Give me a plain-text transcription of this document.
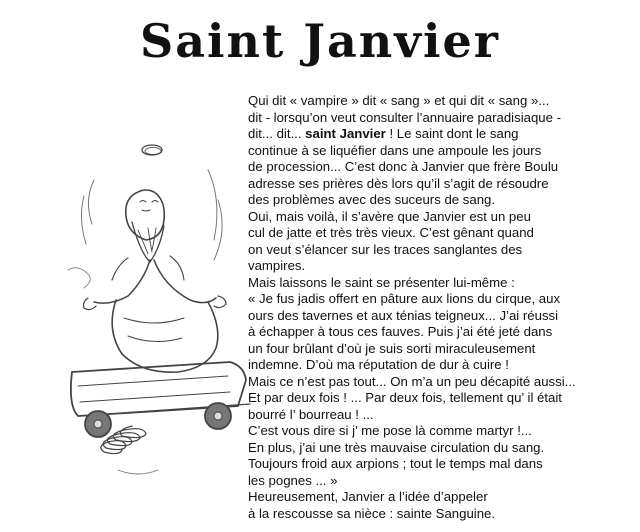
Saint Janvier
Qui dit « vampire » dit « sang » et qui dit « sang »...
dit - lorsqu’on veut consulter l’annuaire paradisiaque -
dit... dit... saint Janvier ! Le saint dont le sang
continue à se liquéfier dans une ampoule les jours
de procession... C’est donc à Janvier que frère Boulu
adresse ses prières dès lors qu’il s’agit de résoudre
des problèmes avec des suceurs de sang.
Oui, mais voilà, il s’avère que Janvier est un peu
cul de jatte et très très vieux. C’est gênant quand
on veut s’élancer sur les traces sanglantes des
vampires.
Mais laissons le saint se présenter lui-même :
« Je fus jadis offert en pâture aux lions du cirque, aux
ours des tavernes et aux ténias teigneux... J’ai réussi
à échapper à tous ces fauves. Puis j’ai été jeté dans
un four brûlant d’où je suis sorti miraculeusement
indemne. D’où ma réputation de dur à cuire !
Mais ce n’est pas tout... On m’a un peu décapité aussi...
Et par deux fois ! ... Par deux fois, tellement qu’ il était
bourré l’ bourreau ! ...
C’est vous dire si j’ me pose là comme martyr !...
En plus, j’ai une très mauvaise circulation du sang.
Toujours froid aux arpions ; tout le temps mal dans
les pognes ... »
Heureusement, Janvier a l’idée d’appeler
à la rescousse sa nièce : sainte Sanguine.
